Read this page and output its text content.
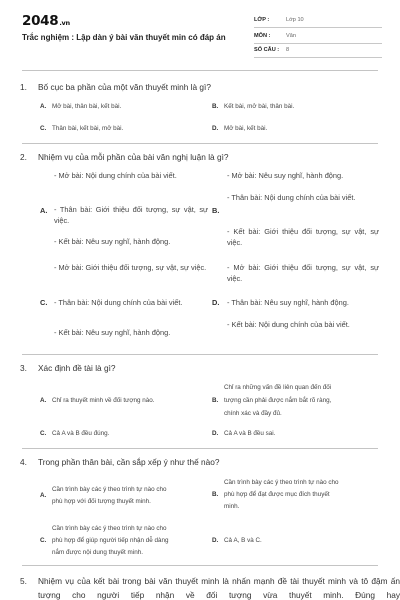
2048.vn
Trắc nghiệm : Lập dàn ý bài văn thuyết min có đáp án
LỚP :	Lớp 10
MÔN :	Văn
SỐ CÂU : 8
1. Bố cục ba phần của một văn thuyết minh là gì?
A. Mở bài, thân bài, kết bài.	B. Kết bài, mở bài, thân bài.
C. Thân bài, kết bài, mở bài.	D. Mở bài, kết bài.
2. Nhiệm vụ của mỗi phần của bài văn nghị luận là gì?
A.

- Mở bài: Nội dung chính của bài viết.

- Thân bài: Giới thiệu đối tượng, sự vật, sự việc.

- Kết bài: Nêu suy nghĩ, hành động.

B.

- Mở bài: Nêu suy nghĩ, hành động.

- Thân bài: Nội dung chính của bài viết.

- Kết bài: Giới thiệu đối tượng, sự vật, sự việc.

C.

- Mở bài: Giới thiệu đối tượng, sự vật, sự việc.

- Thân bài: Nội dung chính của bài viết.

- Kết bài: Nêu suy nghĩ, hành động.

D.

- Mở bài: Giới thiệu đối tượng, sự vật, sự việc.

- Thân bài: Nêu suy nghĩ, hành động.

- Kết bài: Nội dung chính của bài viết.

3. Xác định đề tài là gì?
A. Chỉ ra thuyết minh về đối tượng nào.	B.
Chỉ ra những vấn đề liên quan đến đối
tượng cần phải được nắm bắt rõ ràng,
chính xác và đầy đủ.
C. Cả A và B đều đúng.	D. Cả A và B đều sai.
4. Trong phần thân bài, cần sắp xếp ý như thế nào?
A.
Cần trình bày các ý theo trình tự nào cho
phù hợp với đối tượng thuyết minh.
B.
Cần trình bày các ý theo trình tự nào cho
phù hợp để đạt được mục đích thuyết
minh.
C.
Cần trình bày các ý theo trình tự nào cho
phù hợp để giúp người tiếp nhận dễ dàng
nắm được nội dung thuyết minh.
D. Cả A, B và C.
5. Nhiệm vụ của kết bài trong bài văn thuyết minh là nhấn mạnh đề tài thuyết minh và tô đậm ấn tượng cho người tiếp nhận về đối tượng vừa thuyết minh. Đúng hay
